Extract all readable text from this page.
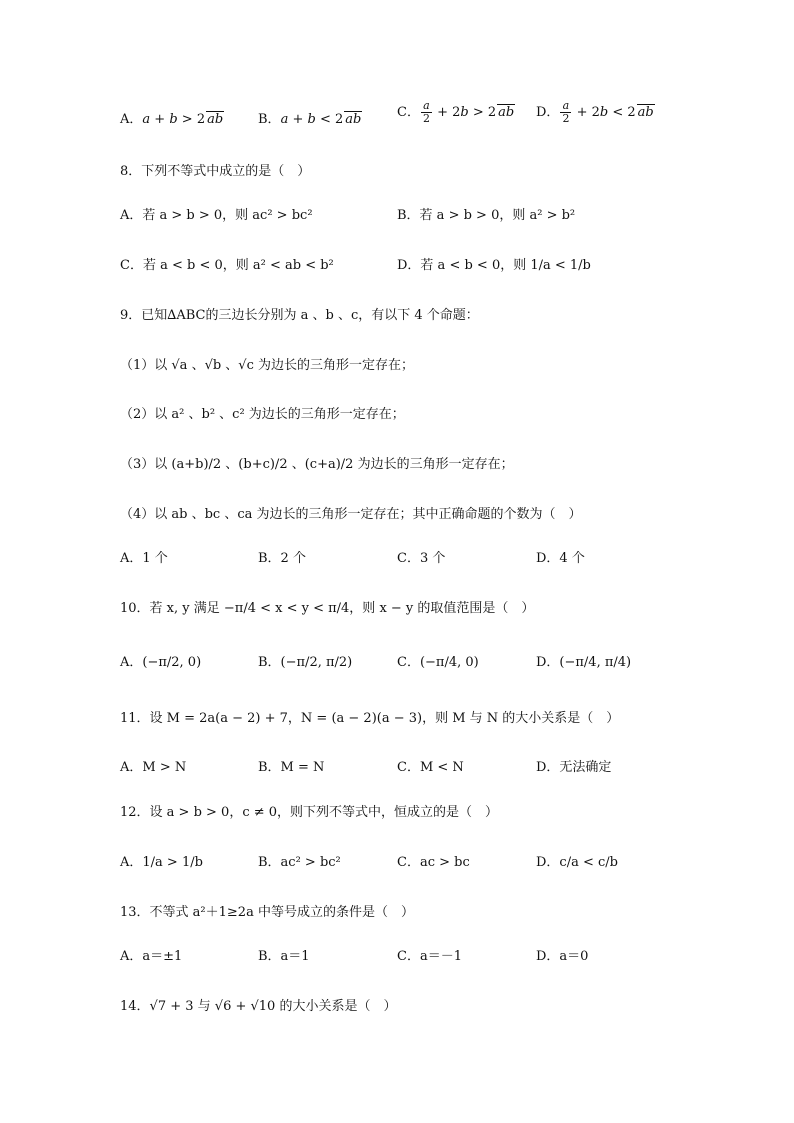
A．a + b > 2 ab	B．a + b < 2 ab	C． $\frac{a}{2} + 2b > 2$ ab D． $\frac{a}{2} + 2b < 2$ ab
8．下列不等式中成立的是（　）
A．若 a > b > 0，则 ac² > bc²	B．若 a > b > 0，则 a² > b²
C．若 a < b < 0，则 a² < ab < b²	D．若 a < b < 0，则 1/a < 1/b
9．已知∆ABC的三边长分别为 a 、b 、c，有以下 4 个命题：
（1）以 √a 、√b 、√c 为边长的三角形一定存在；
（2）以 a² 、b² 、c² 为边长的三角形一定存在；
（3）以 (a+b)/2 、(b+c)/2 、(c+a)/2 为边长的三角形一定存在；
（4）以 ab 、bc 、ca 为边长的三角形一定存在；其中正确命题的个数为（　）
A．1 个	B．2 个	C．3 个	D．4 个
10．若 x, y 满足 −π/4 < x < y < π/4，则 x − y 的取值范围是（　）
A．(−π/2, 0)	B．(−π/2, π/2)	C．(−π/4, 0)	D．(−π/4, π/4)
11．设 M = 2a(a − 2) + 7，N = (a − 2)(a − 3)，则 M 与 N 的大小关系是（　）
A．M > N	B．M = N	C．M < N	D．无法确定
12．设 a > b > 0，c ≠ 0，则下列不等式中，恒成立的是（　）
A．1/a > 1/b	B．ac² > bc²	C．ac > bc	D．c/a < c/b
13．不等式 a²＋1≥2a 中等号成立的条件是（　）
A．a＝±1	B．a＝1	C．a＝－1	D．a＝0
14．√7 + 3 与 √6 + √10 的大小关系是（　）
